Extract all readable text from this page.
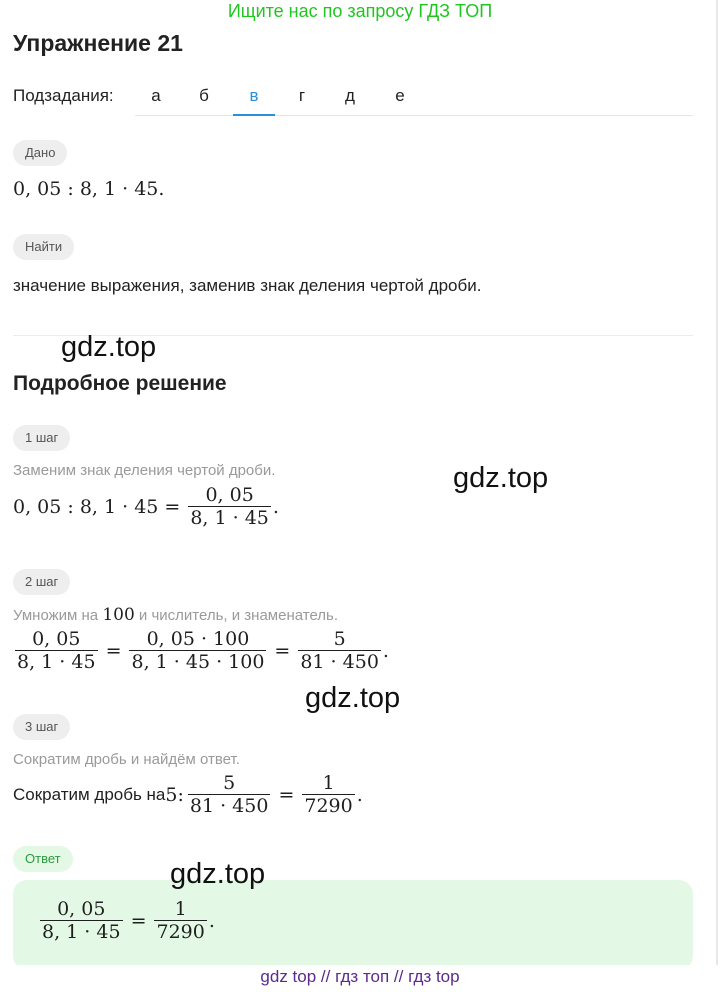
Ищите нас по запросу ГДЗ ТОП
Упражнение 21
Подзадания:	а	б	в	г	д	е
Дано
0, 05 : 8, 1 · 45.
Найти
значение выражения, заменив знак деления чертой дроби.
gdz.top
Подробное решение
1 шаг
Заменим знак деления чертой дроби.	gdz.top
0, 05 : 8, $1 \cdot 45 = \frac{0, 05}{8, 1 \cdot 45}$ .
2 шаг
Умножим на 100 и числитель, и знаменатель.
$\frac{0, 05}{8, 1 \cdot 45} = \frac{0, 05 \cdot 100}{8, 1 \cdot 45 \cdot 100} = \frac{5}{81 \cdot 450}$ .
gdz.top
3 шаг
Сократим дробь и найдём ответ.
Сократим дробь на 5: $\frac{5}{81 \cdot 450} = \frac{1}{7290}$ .
Ответ	gdz.top
$\frac{0, 05}{8, 1 \cdot 45} = \frac{1}{7290}$ .
gdz top // гдз топ // гдз top
